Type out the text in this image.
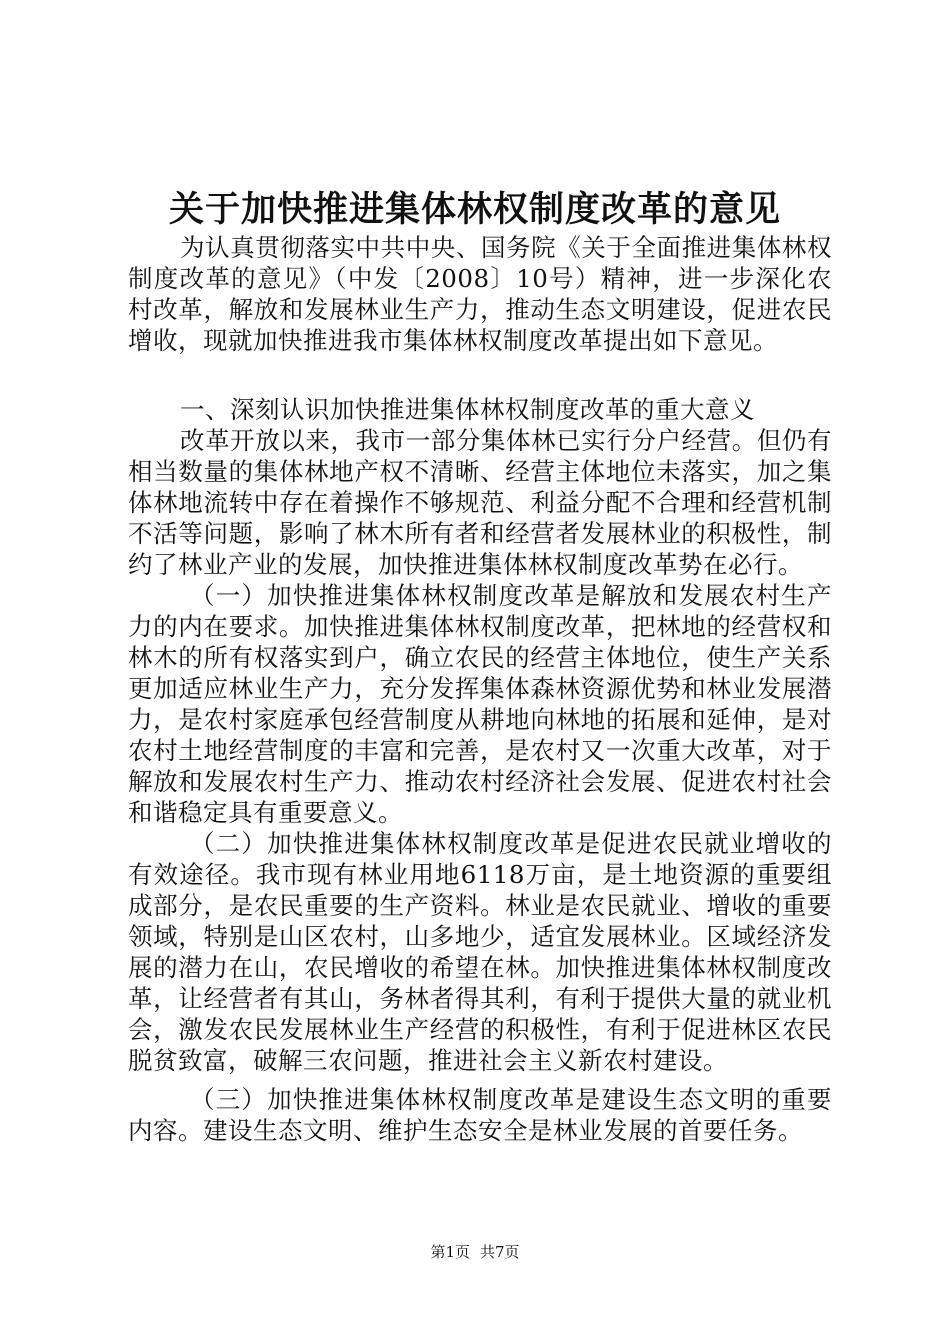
关于加快推进集体林权制度改革的意见

为认真贯彻落实中共中央、国务院《关于全面推进集体林权制度改革的意见》（中发〔2008〕10号）精神，进一步深化农村改革，解放和发展林业生产力，推动生态文明建设，促进农民增收，现就加快推进我市集体林权制度改革提出如下意见。

一、深刻认识加快推进集体林权制度改革的重大意义

改革开放以来，我市一部分集体林已实行分户经营。但仍有相当数量的集体林地产权不清晰、经营主体地位未落实，加之集体林地流转中存在着操作不够规范、利益分配不合理和经营机制不活等问题，影响了林木所有者和经营者发展林业的积极性，制约了林业产业的发展，加快推进集体林权制度改革势在必行。

（一）加快推进集体林权制度改革是解放和发展农村生产力的内在要求。加快推进集体林权制度改革，把林地的经营权和林木的所有权落实到户，确立农民的经营主体地位，使生产关系更加适应林业生产力，充分发挥集体森林资源优势和林业发展潜力，是农村家庭承包经营制度从耕地向林地的拓展和延伸，是对农村土地经营制度的丰富和完善，是农村又一次重大改革，对于解放和发展农村生产力、推动农村经济社会发展、促进农村社会和谐稳定具有重要意义。

（二）加快推进集体林权制度改革是促进农民就业增收的有效途径。我市现有林业用地6118万亩，是土地资源的重要组成部分，是农民重要的生产资料。林业是农民就业、增收的重要领域，特别是山区农村，山多地少，适宜发展林业。区域经济发展的潜力在山，农民增收的希望在林。加快推进集体林权制度改革，让经营者有其山，务林者得其利，有利于提供大量的就业机会，激发农民发展林业生产经营的积极性，有利于促进林区农民脱贫致富，破解三农问题，推进社会主义新农村建设。

（三）加快推进集体林权制度改革是建设生态文明的重要内容。建设生态文明、维护生态安全是林业发展的首要任务。

第1页 共7页
